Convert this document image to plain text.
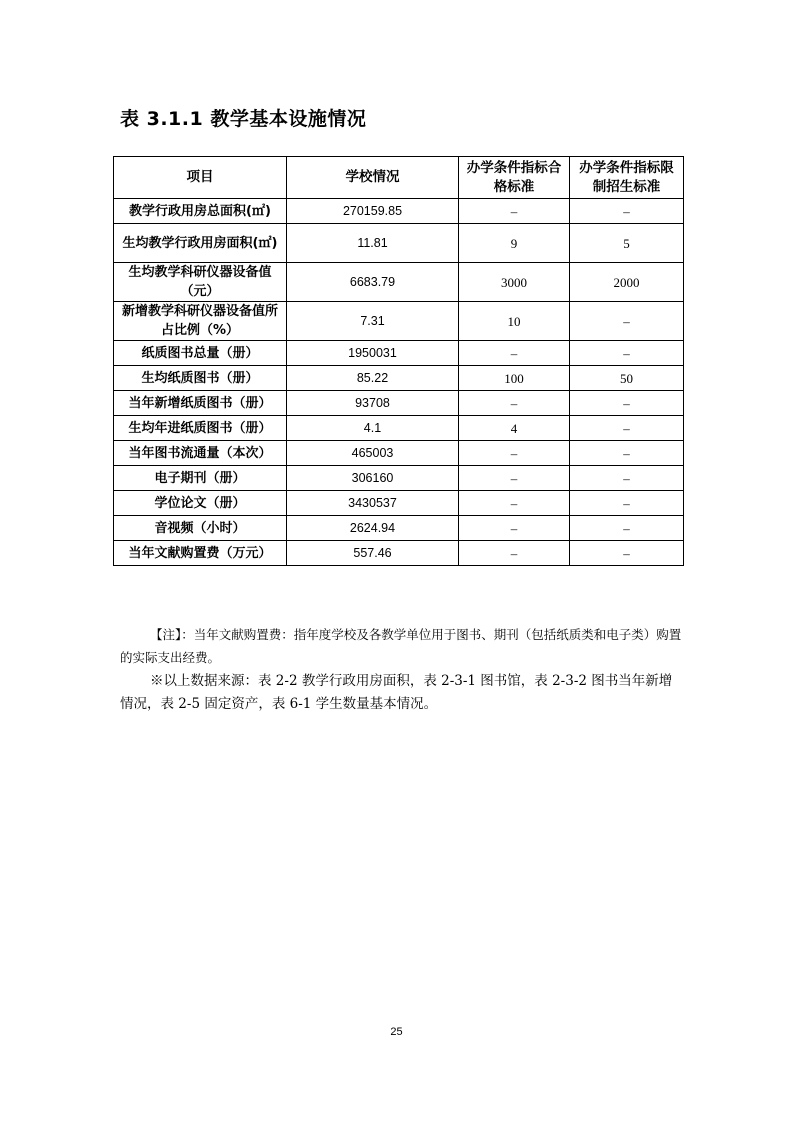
表 3.1.1 教学基本设施情况
项目	学校情况	办学条件指标合格标准	办学条件指标限制招生标准
教学行政用房总面积(㎡)	270159.85	–	–
生均教学行政用房面积(㎡)	11.81	9	5
生均教学科研仪器设备值（元）	6683.79	3000	2000
新增教学科研仪器设备值所占比例（%）	7.31	10	–
纸质图书总量（册）	1950031	–	–
生均纸质图书（册）	85.22	100	50
当年新增纸质图书（册）	93708	–	–
生均年进纸质图书（册）	4.1	4	–
当年图书流通量（本次）	465003	–	–
电子期刊（册）	306160	–	–
学位论文（册）	3430537	–	–
音视频（小时）	2624.94	–	–
当年文献购置费（万元）	557.46	–	–

【注】：当年文献购置费：指年度学校及各教学单位用于图书、期刊（包括纸质类和电子类）购置的实际支出经费。

※以上数据来源：表 2-2 教学行政用房面积，表 2-3-1 图书馆，表 2-3-2 图书当年新增情况，表 2-5 固定资产，表 6-1 学生数量基本情况。

25
